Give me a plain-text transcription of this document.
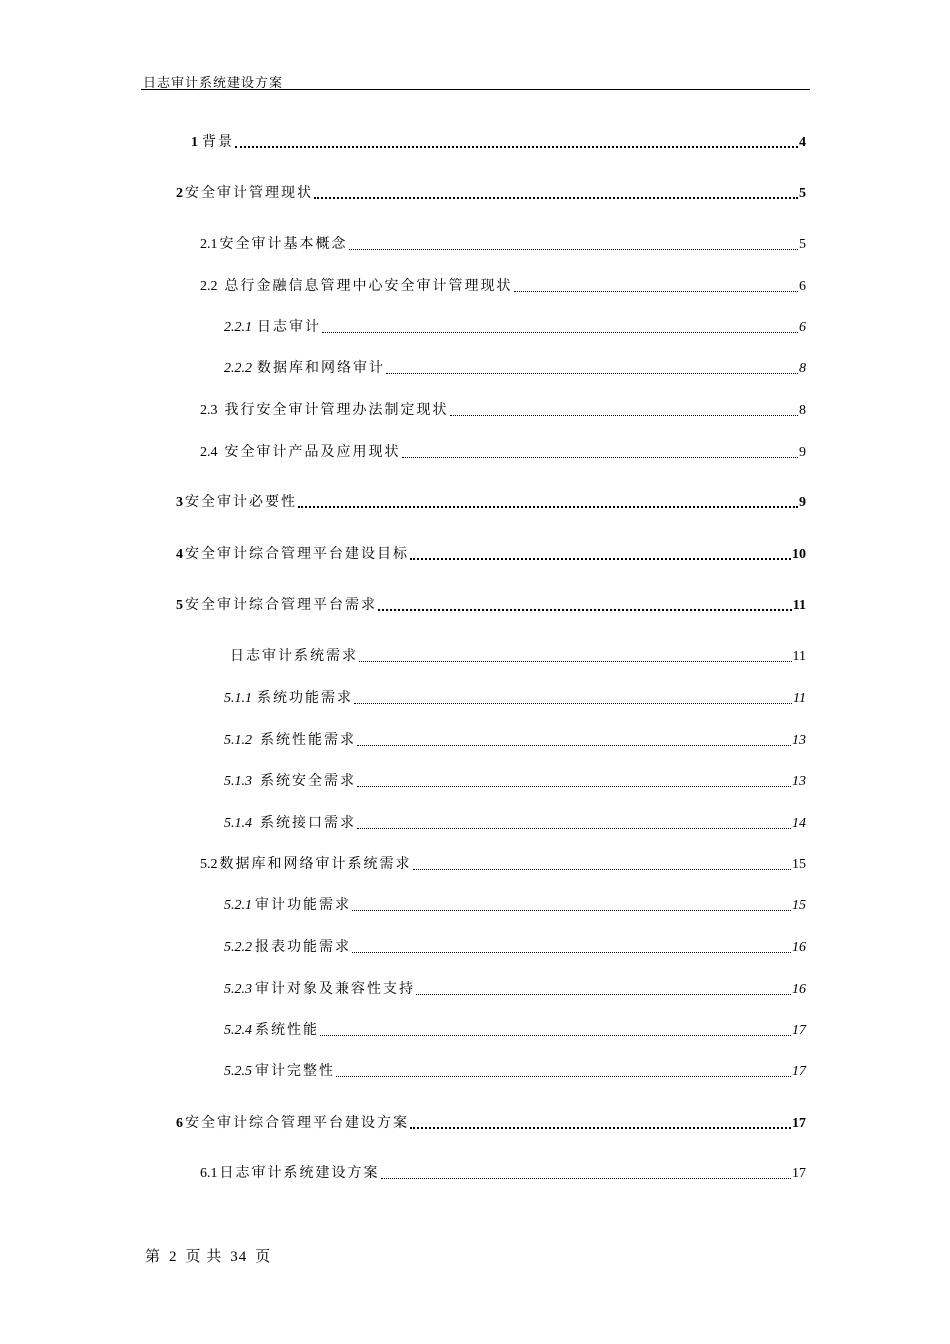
日志审计系统建设方案
1 背景	4
2 安全审计管理现状	5
2.1 安全审计基本概念	5
2.2 总行金融信息管理中心安全审计管理现状	6
2.2.1 日志审计	6
2.2.2 数据库和网络审计	8
2.3 我行安全审计管理办法制定现状	8
2.4 安全审计产品及应用现状	9
3 安全审计必要性	9
4 安全审计综合管理平台建设目标	10
5 安全审计综合管理平台需求	11
日志审计系统需求	11
5.1.1 系统功能需求	11
5.1.2 系统性能需求	13
5.1.3 系统安全需求	13
5.1.4 系统接口需求	14
5.2 数据库和网络审计系统需求	15
5.2.1 审计功能需求	15
5.2.2 报表功能需求	16
5.2.3 审计对象及兼容性支持	16
5.2.4 系统性能	17
5.2.5 审计完整性	17
6 安全审计综合管理平台建设方案	17
6.1 日志审计系统建设方案	17
第 2 页 共 34 页
